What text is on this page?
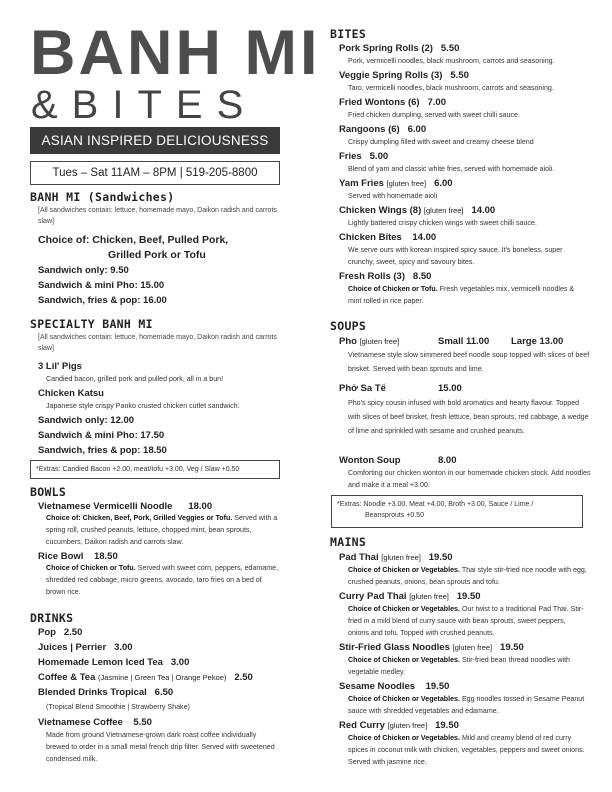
BANH MI
&BITES
ASIAN INSPIRED DELICIOUSNESS
Tues – Sat 11AM – 8PM | 519-205-8800
BANH MI (Sandwiches)
[All sandwiches contain: lettuce, homemade mayo, Daikon radish and carrots slaw]
Choice of: Chicken, Beef, Pulled Pork,
Grilled Pork or Tofu
Sandwich only: 9.50
Sandwich & mini Pho: 15.00
Sandwich, fries & pop: 16.00
SPECIALTY BANH MI
[All sandwiches contain: lettuce, homemade mayo, Daikon radish and carrots slaw]
3 Lil' Pigs
Candied bacon, grilled pork and pulled pork, all in a bun!
Chicken Katsu
Japanese style crispy Panko crusted chicken cutlet sandwich.
Sandwich only: 12.00
Sandwich & mini Pho: 17.50
Sandwich, fries & pop: 18.50
*Extras: Candied Bacon +2.00, meat/tofu +3.00, Veg / Slaw +0.50
BOWLS
Vietnamese Vermicelli Noodle 18.00
Choice of: Chicken, Beef, Pork, Grilled Veggies or Tofu. Served with a spring roll, crushed peanuts, lettuce, chopped mint, bean sprouts, cucumbers, Daikon radish and carrots slaw.
Rice Bowl 18.50
Choice of Chicken or Tofu. Served with sweet corn, peppers, edamame, shredded red cabbage, micro greens, avocado, taro fries on a bed of brown rice.
DRINKS
Pop 2.50
Juices | Perrier 3.00
Homemade Lemon Iced Tea 3.00
Coffee & Tea (Jasmine | Green Tea | Orange Pekoe) 2.50
Blended Drinks Tropical 6.50
(Tropical Blend Smoothie | Strawberry Shake)
Vietnamese Coffee 5.50
Made from ground Vietnamese-grown dark roast coffee individually brewed to order in a small metal french drip filter. Served with sweetened condensed milk.
BITES
Pork Spring Rolls (2) 5.50
Pork, vermicelli noodles, black mushroom, carrots and seasoning.
Veggie Spring Rolls (3) 5.50
Taro, vermicelli noodles, black mushroom, carrots and seasoning.
Fried Wontons (6) 7.00
Fried chicken dumpling, served with sweet chilli sauce.
Rangoons (6) 6.00
Crispy dumpling filled with sweet and creamy cheese blend
Fries 5.00
Blend of yam and classic white fries, served with homemade aioli.
Yam Fries [gluten free] 6.00
Served with homemade aioli
Chicken Wings (8) [gluten free] 14.00
Lightly battered crispy chicken wings with sweet chilli sauce.
Chicken Bites 14.00
We serve ours with korean inspired spicy sauce. It's boneless, super crunchy, sweet, spicy and savoury bites.
Fresh Rolls (3) 8.50
Choice of Chicken or Tofu. Fresh vegetables mix, vermicelli noodles & mint rolled in rice paper.
SOUPS
Pho [gluten free]	Small 11.00 Large 13.00
Vietnamese style slow simmered beef noodle soup topped with slices of beef brisket. Served with bean sprouts and lime.
Phở Sa Tế	15.00
Pho's spicy cousin infused with bold aromatics and hearty flavour. Topped with slices of beef brisket, fresh lettuce, bean sprouts, red cabbage, a wedge of lime and sprinkled with sesame and crushed peanuts.
Wonton Soup	8.00
Comforting our chicken wonton in our homemade chicken stock. Add noodles and make it a meal +3.00.
*Extras: Noodle +3.00, Meat +4.00, Broth +3.00, Sauce / Lime /
Beansprouts +0.50
MAINS
Pad Thai [gluten free] 19.50
Choice of Chicken or Vegetables. Thai style stir-fried rice noodle with egg, crushed peanuts, onions, bean sprouts and tofu.
Curry Pad Thai [gluten free] 19.50
Choice of Chicken or Vegetables. Our twist to a traditional Pad Thai. Stir-fried in a mild blend of curry sauce with bean sprouts, sweet peppers, onions and tofu. Topped with crushed peanuts.
Stir-Fried Glass Noodles [gluten free] 19.50
Choice of Chicken or Vegetables. Stir-fried bean thread noodles with vegetable medley.
Sesame Noodles 19.50
Choice of Chicken or Vegetables. Egg noodles tossed in Sesame Peanut sauce with shredded vegetables and edamame.
Red Curry [gluten free] 19.50
Choice of Chicken or Vegetables. Mild and creamy blend of red curry spices in coconut milk with chicken, vegetables, peppers and sweet onions. Served with jasmine rice.
